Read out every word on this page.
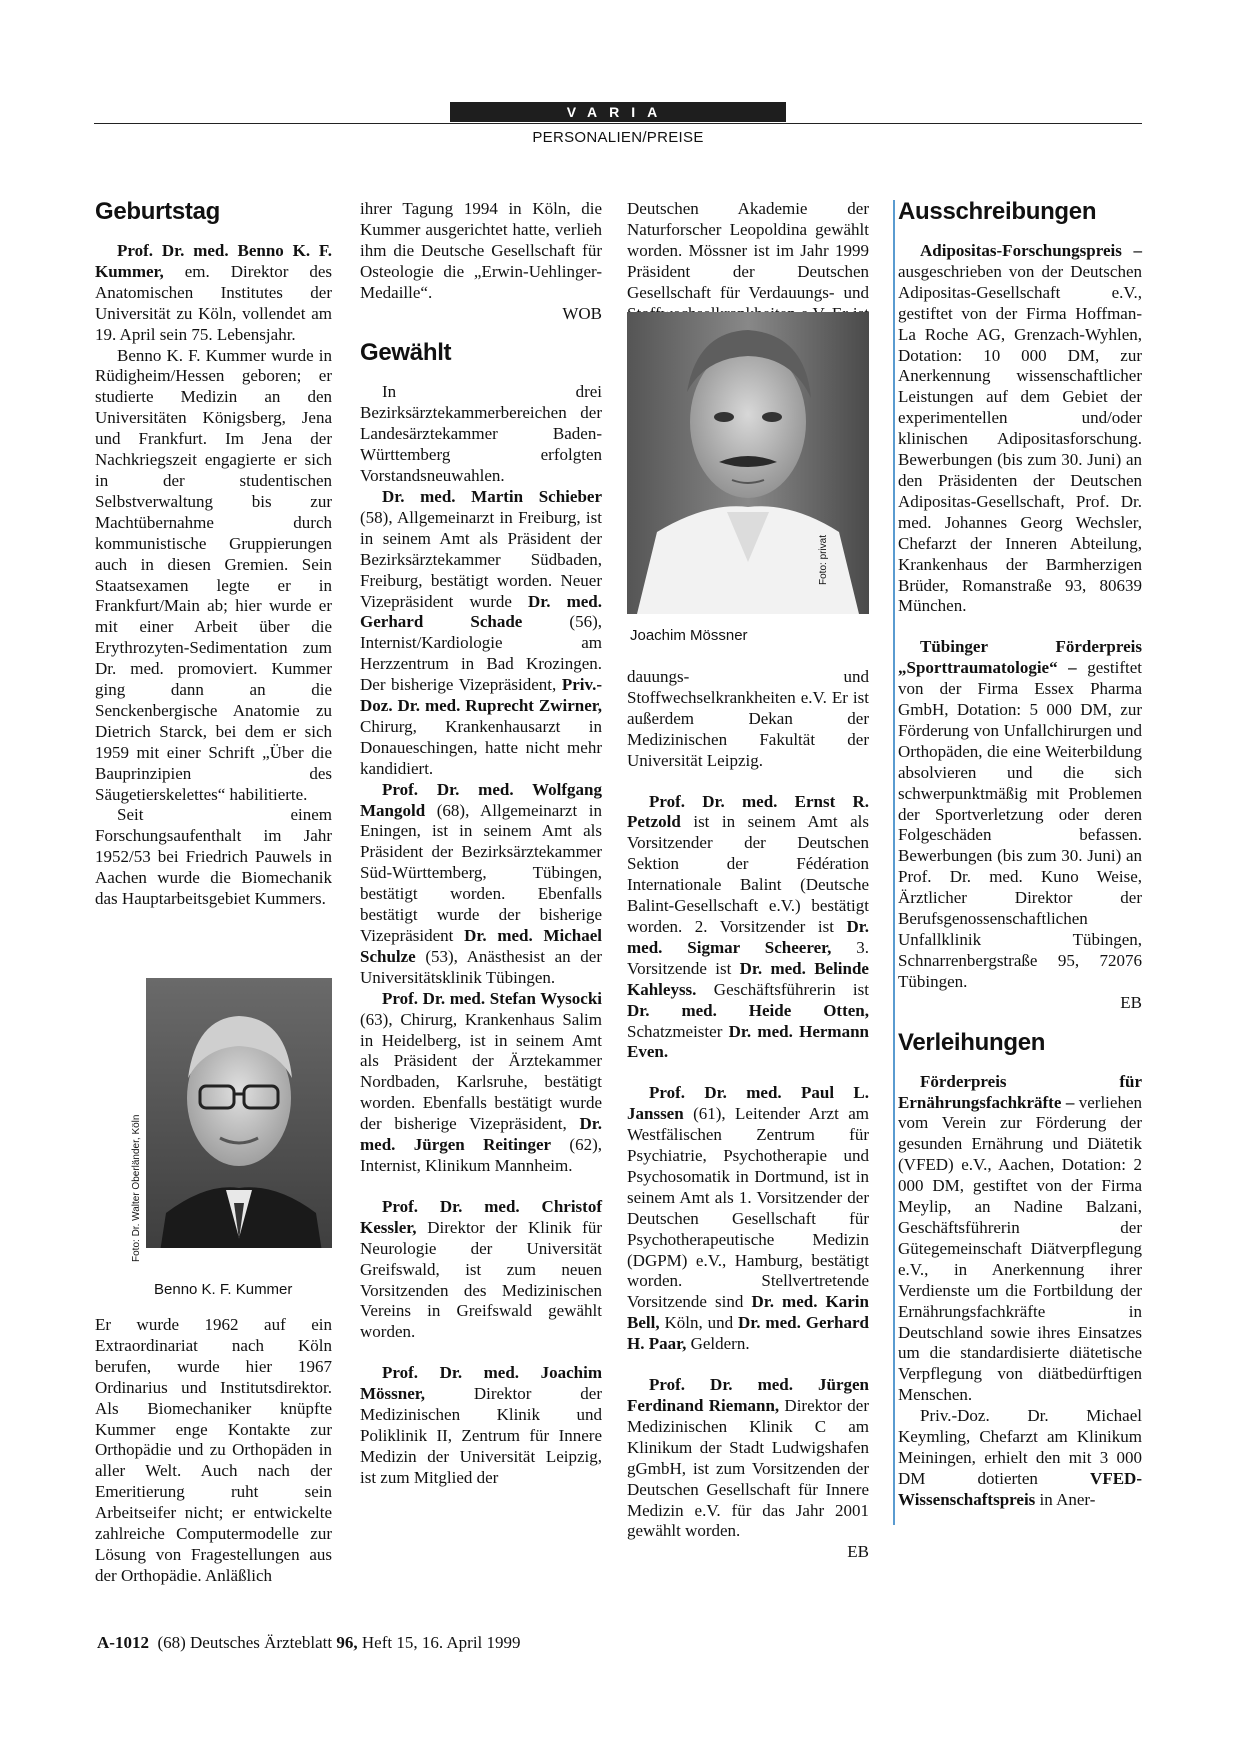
VARIA
PERSONALIEN/PREISE
Geburtstag

Prof. Dr. med. Benno K. F. Kummer, em. Direktor des Anatomischen Institutes der Universität zu Köln, vollendet am 19. April sein 75. Lebensjahr.

Benno K. F. Kummer wurde in Rüdigheim/Hessen geboren; er studierte Medizin an den Universitäten Königsberg, Jena und Frankfurt. Im Jena der Nachkriegszeit engagierte er sich in der studentischen Selbstverwaltung bis zur Machtübernahme durch kommunistische Gruppierungen auch in diesen Gremien. Sein Staatsexamen legte er in Frankfurt/Main ab; hier wurde er mit einer Arbeit über die Erythrozyten-Sedimentation zum Dr. med. promoviert. Kummer ging dann an die Senckenbergische Anatomie zu Dietrich Starck, bei dem er sich 1959 mit einer Schrift „Über die Bauprinzipien des Säugetierskelettes“ habilitierte.

Seit einem Forschungsaufenthalt im Jahr 1952/53 bei Friedrich Pauwels in Aachen wurde die Biomechanik das Hauptarbeitsgebiet Kummers.

Foto: Dr. Walter Oberländer, Köln
Benno K. F. Kummer

Er wurde 1962 auf ein Extraordinariat nach Köln berufen, wurde hier 1967 Ordinarius und Institutsdirektor. Als Biomechaniker knüpfte Kummer enge Kontakte zur Orthopädie und zu Orthopäden in aller Welt. Auch nach der Emeritierung ruht sein Arbeitseifer nicht; er entwickelte zahlreiche Computermodelle zur Lösung von Fragestellungen aus der Orthopädie. Anläßlich

ihrer Tagung 1994 in Köln, die Kummer ausgerichtet hatte, verlieh ihm die Deutsche Gesellschaft für Osteologie die „Erwin-Uehlinger-Medaille“.

WOB

Gewählt

In drei Bezirksärztekammerbereichen der Landesärztekammer Baden-Württemberg erfolgten Vorstandsneuwahlen.

Dr. med. Martin Schieber (58), Allgemeinarzt in Freiburg, ist in seinem Amt als Präsident der Bezirksärztekammer Südbaden, Freiburg, bestätigt worden. Neuer Vizepräsident wurde Dr. med. Gerhard Schade (56), Internist/Kardiologie am Herzzentrum in Bad Krozingen. Der bisherige Vizepräsident, Priv.-Doz. Dr. med. Ruprecht Zwirner, Chirurg, Krankenhausarzt in Donaueschingen, hatte nicht mehr kandidiert.

Prof. Dr. med. Wolfgang Mangold (68), Allgemeinarzt in Eningen, ist in seinem Amt als Präsident der Bezirksärztekammer Süd-Württemberg, Tübingen, bestätigt worden. Ebenfalls bestätigt wurde der bisherige Vizepräsident Dr. med. Michael Schulze (53), Anästhesist an der Universitätsklinik Tübingen.

Prof. Dr. med. Stefan Wysocki (63), Chirurg, Krankenhaus Salim in Heidelberg, ist in seinem Amt als Präsident der Ärztekammer Nordbaden, Karlsruhe, bestätigt worden. Ebenfalls bestätigt wurde der bisherige Vizepräsident, Dr. med. Jürgen Reitinger (62), Internist, Klinikum Mannheim.

Prof. Dr. med. Christof Kessler, Direktor der Klinik für Neurologie der Universität Greifswald, ist zum neuen Vorsitzenden des Medizinischen Vereins in Greifswald gewählt worden.

Prof. Dr. med. Joachim Mössner, Direktor der Medizinischen Klinik und Poliklinik II, Zentrum für Innere Medizin der Universität Leipzig, ist zum Mitglied der

Deutschen Akademie der Naturforscher Leopoldina gewählt worden. Mössner ist im Jahr 1999 Präsident der Deutschen Gesellschaft für Verdauungs- und

Foto: privat
Joachim Mössner

dauungs- und Stoffwechselkrankheiten e.V. Er ist außerdem Dekan der Medizinischen Fakultät der Universität Leipzig.

Prof. Dr. med. Ernst R. Petzold ist in seinem Amt als Vorsitzender der Deutschen Sektion der Fédération Internationale Balint (Deutsche Balint-Gesellschaft e.V.) bestätigt worden. 2. Vorsitzender ist Dr. med. Sigmar Scheerer, 3. Vorsitzende ist Dr. med. Belinde Kahleyss. Geschäftsführerin ist Dr. med. Heide Otten, Schatzmeister Dr. med. Hermann Even.

Prof. Dr. med. Paul L. Janssen (61), Leitender Arzt am Westfälischen Zentrum für Psychiatrie, Psychotherapie und Psychosomatik in Dortmund, ist in seinem Amt als 1. Vorsitzender der Deutschen Gesellschaft für Psychotherapeutische Medizin (DGPM) e.V., Hamburg, bestätigt worden. Stellvertretende Vorsitzende sind Dr. med. Karin Bell, Köln, und Dr. med. Gerhard H. Paar, Geldern.

Prof. Dr. med. Jürgen Ferdinand Riemann, Direktor der Medizinischen Klinik C am Klinikum der Stadt Ludwigshafen gGmbH, ist zum Vorsitzenden der Deutschen Gesellschaft für Innere Medizin e.V. für das Jahr 2001 gewählt worden.

EB

Ausschreibungen

Adipositas-Forschungspreis – ausgeschrieben von der Deutschen Adipositas-Gesellschaft e.V., gestiftet von der Firma Hoffman-La Roche AG, Grenzach-Wyhlen, Dotation: 10 000 DM, zur Anerkennung wissenschaftlicher Leistungen auf dem Gebiet der experimentellen und/oder klinischen Adipositasforschung. Bewerbungen (bis zum 30. Juni) an den Präsidenten der Deutschen Adipositas-Gesellschaft, Prof. Dr. med. Johannes Georg Wechsler, Chefarzt der Inneren Abteilung, Krankenhaus der Barmherzigen Brüder, Romanstraße 93, 80639 München.

Tübinger Förderpreis „Sporttraumatologie“ – gestiftet von der Firma Essex Pharma GmbH, Dotation: 5 000 DM, zur Förderung von Unfallchirurgen und Orthopäden, die eine Weiterbildung absolvieren und die sich schwerpunktmäßig mit Problemen der Sportverletzung oder deren Folgeschäden befassen. Bewerbungen (bis zum 30. Juni) an Prof. Dr. med. Kuno Weise, Ärztlicher Direktor der Berufsgenossenschaftlichen Unfallklinik Tübingen, Schnarrenbergstraße 95, 72076 Tübingen.

EB

Verleihungen

Förderpreis für Ernährungsfachkräfte – verliehen vom Verein zur Förderung der gesunden Ernährung und Diätetik (VFED) e.V., Aachen, Dotation: 2 000 DM, gestiftet von der Firma Meylip, an Nadine Balzani, Geschäftsführerin der Gütegemeinschaft Diätverpflegung e.V., in Anerkennung ihrer Verdienste um die Fortbildung der Ernährungsfachkräfte in Deutschland sowie ihres Einsatzes um die standardisierte diätetische Verpflegung von diätbedürftigen Menschen.

Priv.-Doz. Dr. Michael Keymling, Chefarzt am Klinikum Meiningen, erhielt den mit 3 000 DM dotierten VFED-Wissenschaftspreis in Aner-

A-1012 (68) Deutsches Ärzteblatt 96, Heft 15, 16. April 1999
